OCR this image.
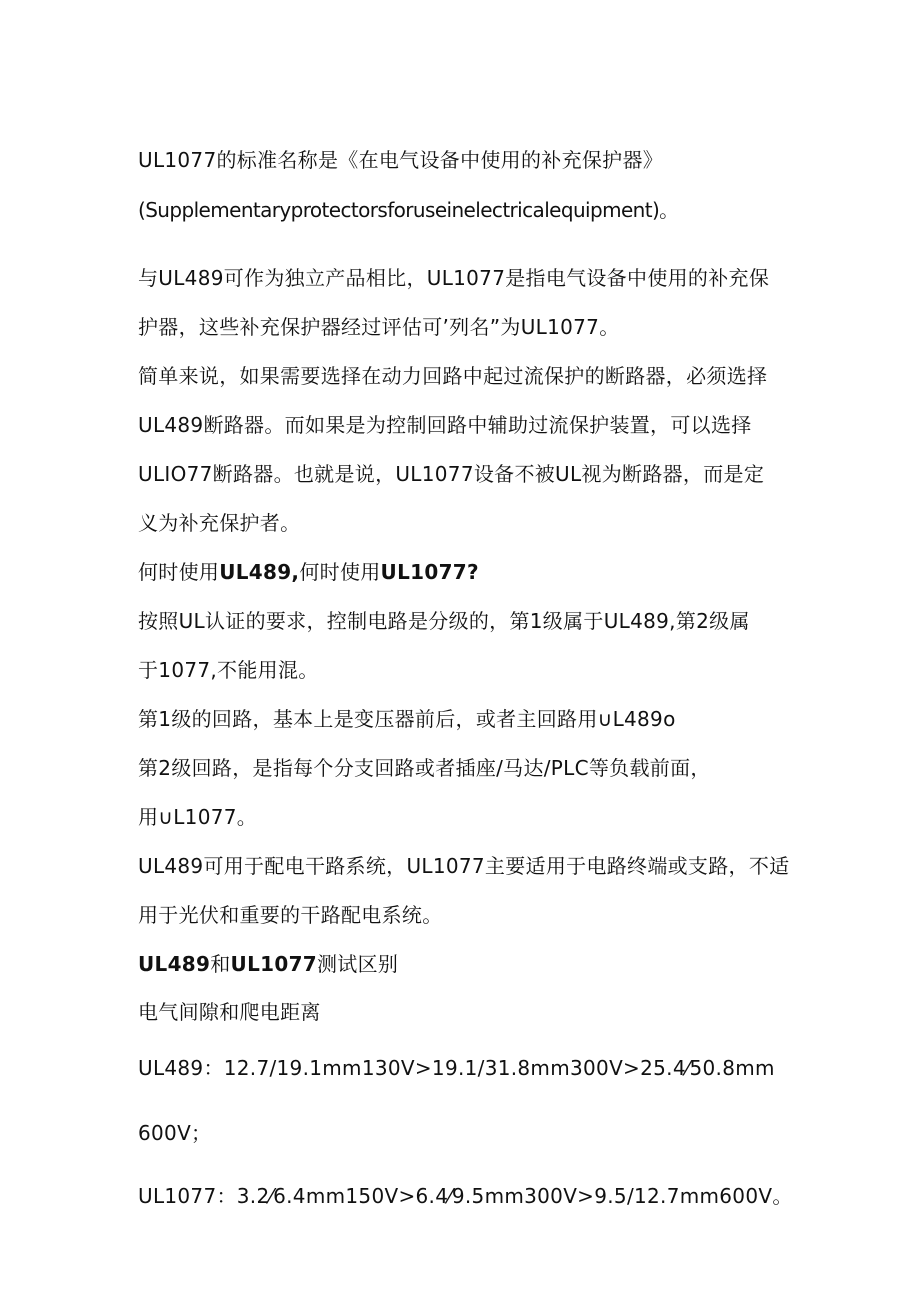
UL1077的标准名称是《在电气设备中使用的补充保护器》
(Supplementaryprotectorsforuseinelectricalequipment)。
与UL489可作为独立产品相比，UL1077是指电气设备中使用的补充保
护器，这些补充保护器经过评估可’列名”为UL1077。
简单来说，如果需要选择在动力回路中起过流保护的断路器，必须选择
UL489断路器。而如果是为控制回路中辅助过流保护装置，可以选择
ULIO77断路器。也就是说，UL1077设备不被UL视为断路器，而是定
义为补充保护者。
何时使用UL489,何时使用UL1077?
按照UL认证的要求，控制电路是分级的，第1级属于UL489,第2级属
于1077,不能用混。
第1级的回路，基本上是变压器前后，或者主回路用∪L489o
第2级回路，是指每个分支回路或者插座/马达/PLC等负载前面，
用∪L1077。
UL489可用于配电干路系统，UL1077主要适用于电路终端或支路，不适
用于光伏和重要的干路配电系统。
UL489和UL1077测试区别
电气间隙和爬电距离
UL489：12.7/19.1mm130V>19.1/31.8mm300V>25.4⁄50.8mm
600V；
UL1077：3.2⁄6.4mm150V>6.4⁄9.5mm300V>9.5/12.7mm600V。
